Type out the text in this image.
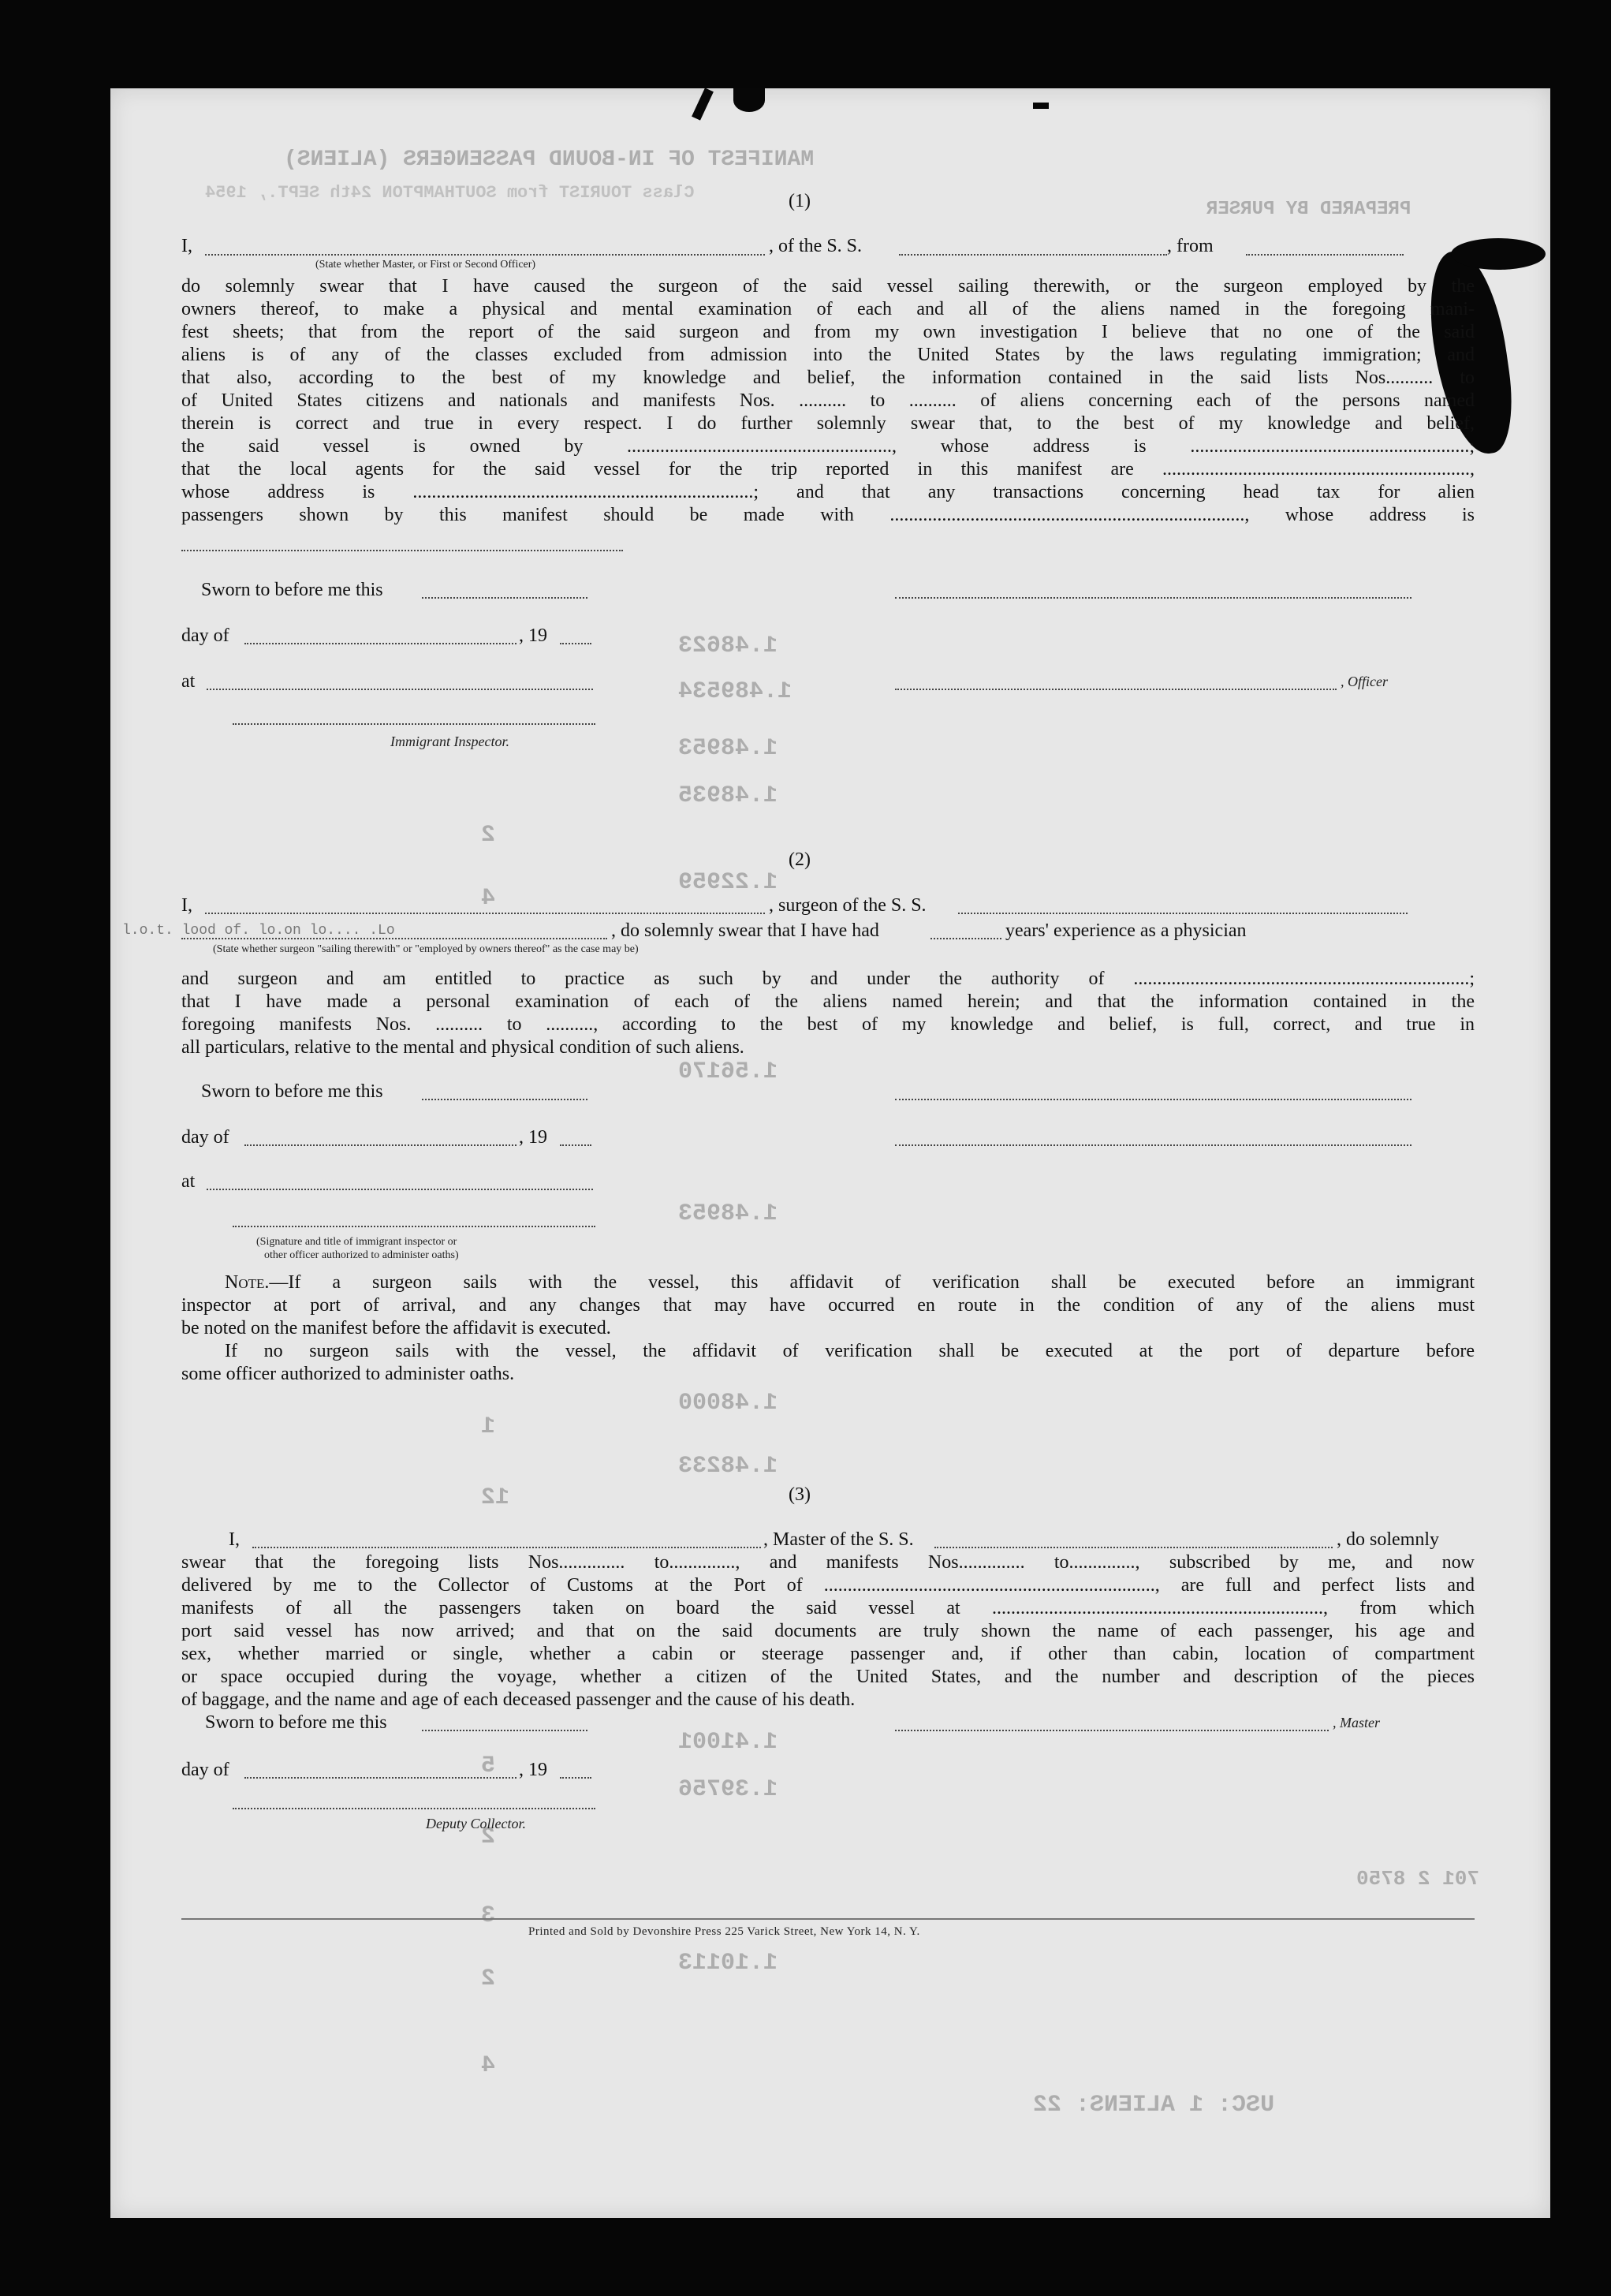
MANIFEST OF IN-BOUND PASSENGERS (ALIENS)
Class TOURIST from SOUTHAMPTON 24th SEPT., 1954
PREPARED BY PURSER
1.48623
1.489534
1.48953
1.48935
2
1.22959
4
1.56170
1.48953
1.48000
1.48233
1
12
1.41001
5
1.39756
2
3
1.10113
2
4
USC: 1 ALIENS: 22
701 2 8750
(1)
I,	, of the S. S.	, from
(State whether Master, or First or Second Officer)
do solemnly swear that I have caused the surgeon of the said vessel sailing therewith, or the surgeon employed by the
owners thereof, to make a physical and mental examination of each and all of the aliens named in the foregoing mani-
fest sheets; that from the report of the said surgeon and from my own investigation I believe that no one of the said
aliens is of any of the classes excluded from admission into the United States by the laws regulating immigration; and
that also, according to the best of my knowledge and belief, the information contained in the said lists Nos.......... to
of United States citizens and nationals and manifests Nos. .......... to .......... of aliens concerning each of the persons named
therein is correct and true in every respect. I do further solemnly swear that, to the best of my knowledge and belief,
the said vessel is owned by ........................................................, whose address is ...........................................................;
that the local agents for the said vessel for the trip reported in this manifest are .................................................................,
whose address is ........................................................................; and that any transactions concerning head tax for alien
passengers shown by this manifest should be made with ..........................................................................., whose address is
Sworn to before me this
day of	, 19
at	, Officer
Immigrant Inspector.
(2)
I,	, surgeon of the S. S.
l.o.t. lood of. lo.on lo.... .Lo	, do solemnly swear that I have had	years' experience as a physician
(State whether surgeon "sailing therewith" or "employed by owners thereof" as the case may be)
and surgeon and am entitled to practice as such by and under the authority of .......................................................................;
that I have made a personal examination of each of the aliens named herein; and that the information contained in the
foregoing manifests Nos. .......... to .........., according to the best of my knowledge and belief, is full, correct, and true in
all particulars, relative to the mental and physical condition of such aliens.
Sworn to before me this
day of	, 19
at
(Signature and title of immigrant inspector or
other officer authorized to administer oaths)
Note.—If a surgeon sails with the vessel, this affidavit of verification shall be executed before an immigrant
inspector at port of arrival, and any changes that may have occurred en route in the condition of any of the aliens must
be noted on the manifest before the affidavit is executed.
If no surgeon sails with the vessel, the affidavit of verification shall be executed at the port of departure before
some officer authorized to administer oaths.
(3)
I,	, Master of the S. S.	, do solemnly
swear that the foregoing lists Nos.............. to.............., and manifests Nos.............. to.............., subscribed by me, and now
delivered by me to the Collector of Customs at the Port of ......................................................................, are full and perfect lists and
manifests of all the passengers taken on board the said vessel at ......................................................................, from which
port said vessel has now arrived; and that on the said documents are truly shown the name of each passenger, his age and
sex, whether married or single, whether a cabin or steerage passenger and, if other than cabin, location of compartment
or space occupied during the voyage, whether a citizen of the United States, and the number and description of the pieces
of baggage, and the name and age of each deceased passenger and the cause of his death.
Sworn to before me this	, Master
day of	, 19
Deputy Collector.
Printed and Sold by Devonshire Press 225 Varick Street, New York 14, N. Y.
